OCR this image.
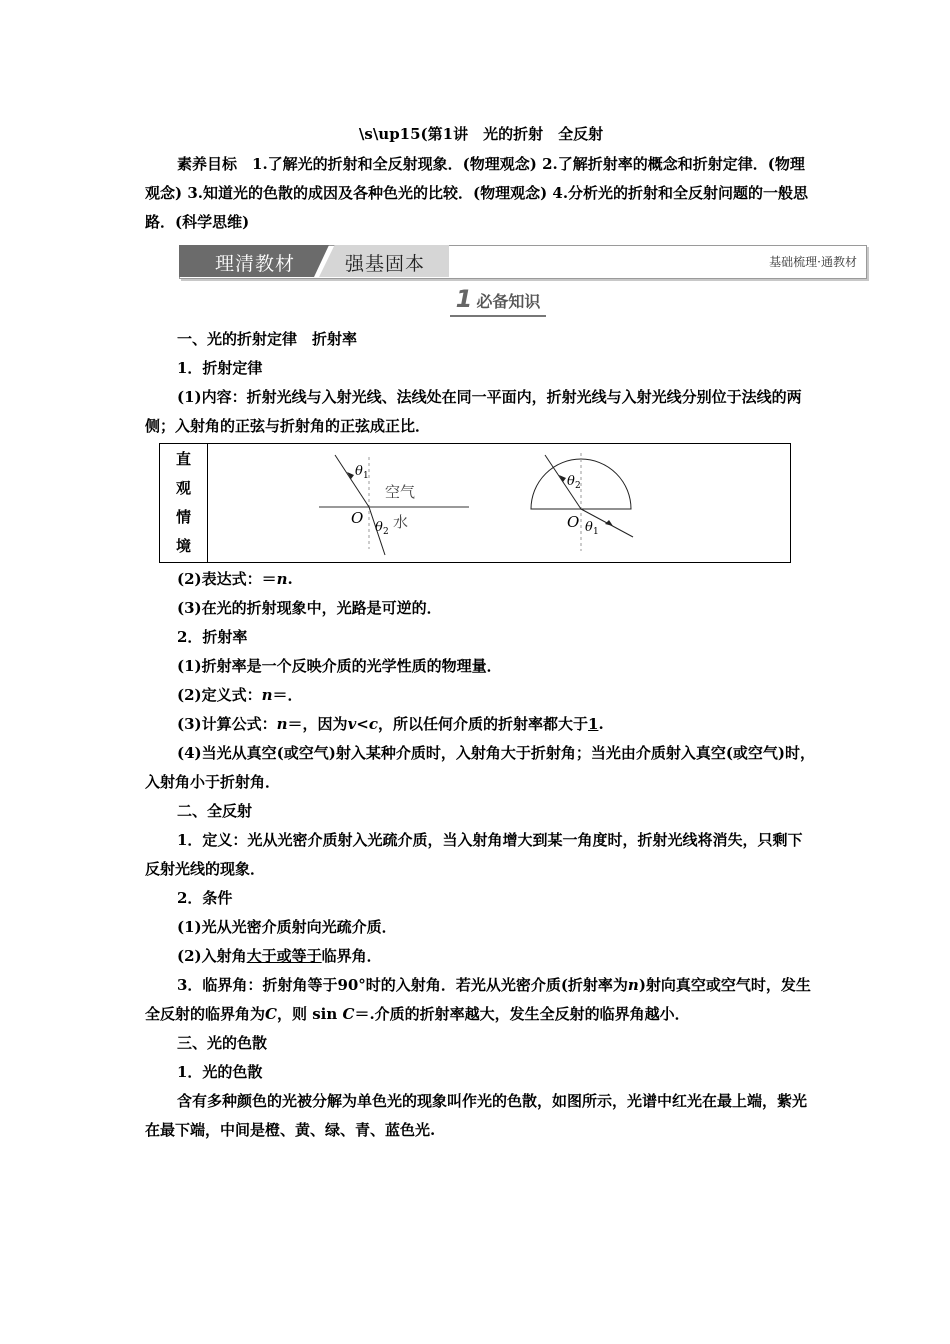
\s\up15(第1讲　光的折射　全反射

素养目标　1.了解光的折射和全反射现象．(物理观念) 2.了解折射率的概念和折射定律．(物理观念) 3.知道光的色散的成因及各种色光的比较．(物理观念) 4.分析光的折射和全反射问题的一般思路．(科学思维)

理清教材	强基固本	基础梳理·通教材
1 必备知识

一、光的折射定律　折射率

1．折射定律

(1)内容：折射光线与入射光线、法线处在同一平面内，折射光线与入射光线分别位于法线的两侧；入射角的正弦与折射角的正弦成正比．

直
观
情
境

θ 1
空气
O
θ 2
水
θ 2
O θ 1

(2)表达式：＝n.

(3)在光的折射现象中，光路是可逆的．

2．折射率

(1)折射率是一个反映介质的光学性质的物理量．

(2)定义式：n＝．

(3)计算公式：n＝，因为v<c，所以任何介质的折射率都大于1.

(4)当光从真空(或空气)射入某种介质时，入射角大于折射角；当光由介质射入真空(或空气)时，入射角小于折射角．

二、全反射

1．定义：光从光密介质射入光疏介质，当入射角增大到某一角度时，折射光线将消失，只剩下反射光线的现象．

2．条件

(1)光从光密介质射向光疏介质．

(2)入射角大于或等于临界角．

3．临界角：折射角等于90°时的入射角．若光从光密介质(折射率为n)射向真空或空气时，发生全反射的临界角为C，则 sin C＝.介质的折射率越大，发生全反射的临界角越小．

三、光的色散

1．光的色散

含有多种颜色的光被分解为单色光的现象叫作光的色散，如图所示，光谱中红光在最上端，紫光在最下端，中间是橙、黄、绿、青、蓝色光.
